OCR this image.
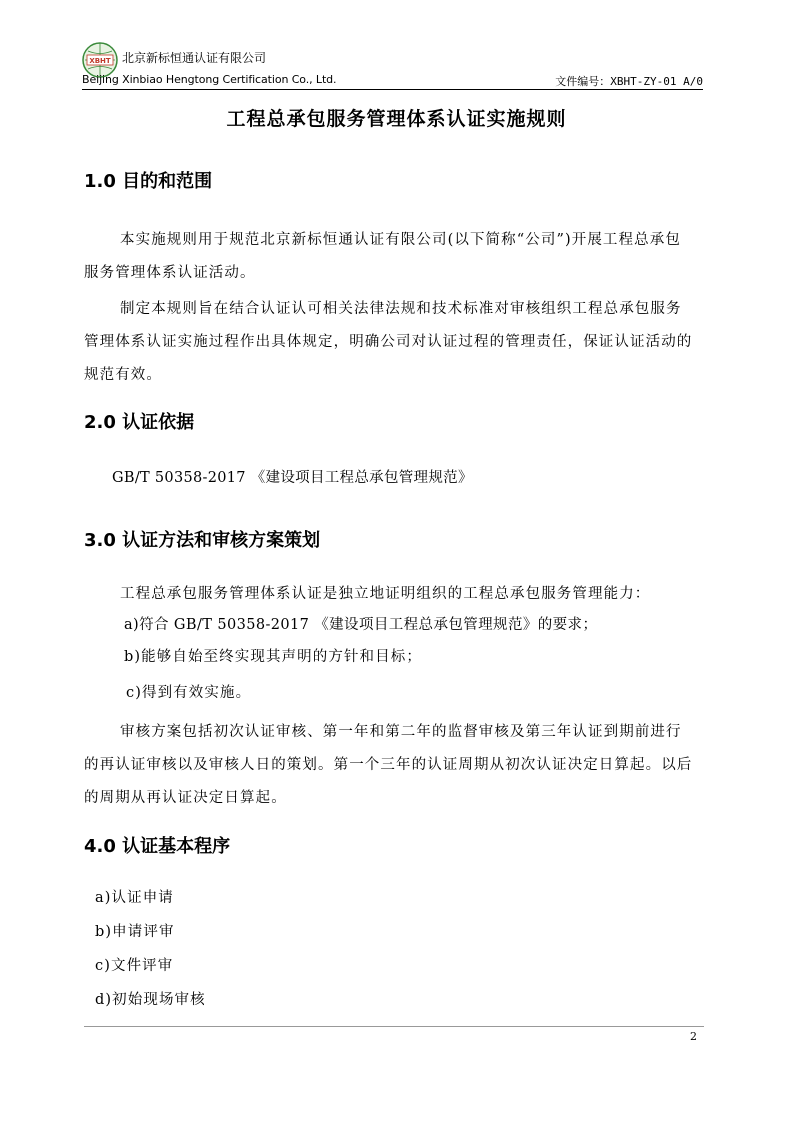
XBHT 北京新标恒通认证有限公司
Beijing Xinbiao Hengtong Certification Co., Ltd.	文件编号：XBHT-ZY-01 A/0
工程总承包服务管理体系认证实施规则
1.0 目的和范围
本实施规则用于规范北京新标恒通认证有限公司(以下简称“公司”)开展工程总承包服务管理体系认证活动。
制定本规则旨在结合认证认可相关法律法规和技术标准对审核组织工程总承包服务管理体系认证实施过程作出具体规定，明确公司对认证过程的管理责任，保证认证活动的规范有效。
2.0 认证依据
GB/T 50358-2017 《建设项目工程总承包管理规范》
3.0 认证方法和审核方案策划
工程总承包服务管理体系认证是独立地证明组织的工程总承包服务管理能力：
a)符合 GB/T 50358-2017 《建设项目工程总承包管理规范》的要求；
b)能够自始至终实现其声明的方针和目标；
c)得到有效实施。
审核方案包括初次认证审核、第一年和第二年的监督审核及第三年认证到期前进行的再认证审核以及审核人日的策划。第一个三年的认证周期从初次认证决定日算起。以后的周期从再认证决定日算起。
4.0 认证基本程序
a)认证申请
b)申请评审
c)文件评审
d)初始现场审核
2
